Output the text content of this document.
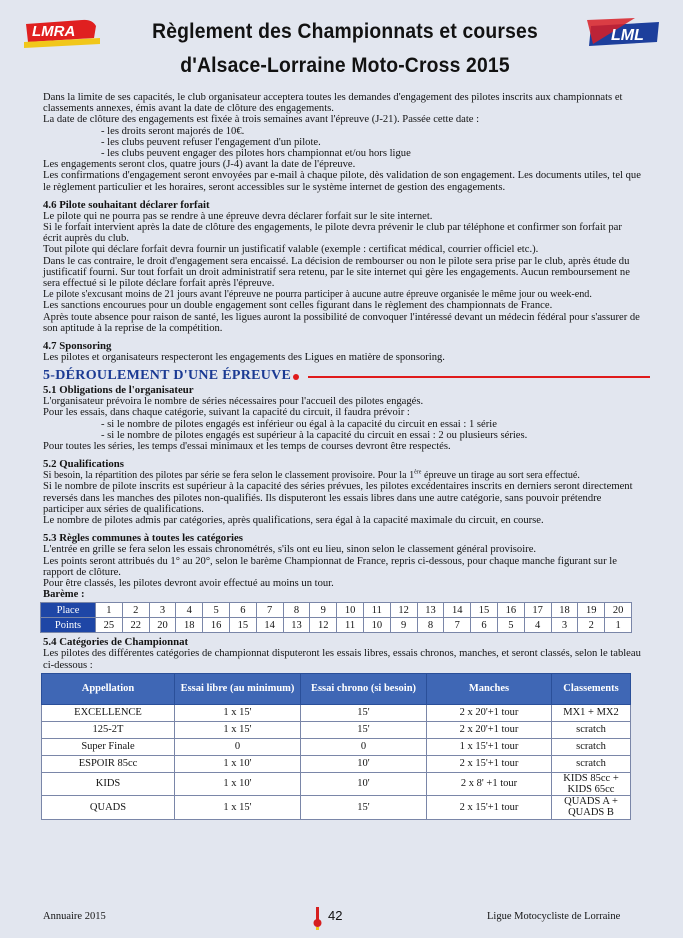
LMRA	Règlement des Championnats et courses
d'Alsace-Lorraine Moto-Cross 2015
LML

Dans la limite de ses capacités, le club organisateur acceptera toutes les demandes d'engagement des pilotes inscrits aux championnats et classements annexes, émis avant la date de clôture des engagements.

La date de clôture des engagements est fixée à trois semaines avant l'épreuve (J-21). Passée cette date :

- les droits seront majorés de 10€.

- les clubs peuvent refuser l'engagement d'un pilote.

- les clubs peuvent engager des pilotes hors championnat et/ou hors ligue

Les engagements seront clos, quatre jours (J-4) avant la date de l'épreuve.

Les confirmations d'engagement seront envoyées par e-mail à chaque pilote, dès validation de son engagement. Les documents utiles, tel que le règlement particulier et les horaires, seront accessibles sur le système internet de gestion des engagements.

4.6 Pilote souhaitant déclarer forfait

Le pilote qui ne pourra pas se rendre à une épreuve devra déclarer forfait sur le site internet.

Si le forfait intervient après la date de clôture des engagements, le pilote devra prévenir le club par téléphone et confirmer son forfait par écrit auprès du club.

Tout pilote qui déclare forfait devra fournir un justificatif valable (exemple : certificat médical, courrier officiel etc.).

Dans le cas contraire, le droit d'engagement sera encaissé. La décision de rembourser ou non le pilote sera prise par le club, après étude du justificatif fourni. Sur tout forfait un droit administratif sera retenu, par le site internet qui gère les engagements. Aucun remboursement ne sera effectué si le pilote déclare forfait après l'épreuve.

Le pilote s'excusant moins de 21 jours avant l'épreuve ne pourra participer à aucune autre épreuve organisée le même jour ou week-end.

Les sanctions encourues pour un double engagement sont celles figurant dans le règlement des championnats de France.

Après toute absence pour raison de santé, les ligues auront la possibilité de convoquer l'intéressé devant un médecin fédéral pour s'assurer de son aptitude à la reprise de la compétition.

4.7 Sponsoring

Les pilotes et organisateurs respecteront les engagements des Ligues en matière de sponsoring.

5-DÉROULEMENT D'UNE ÉPREUVE
5.1 Obligations de l'organisateur

L'organisateur prévoira le nombre de séries nécessaires pour l'accueil des pilotes engagés.

Pour les essais, dans chaque catégorie, suivant la capacité du circuit, il faudra prévoir :

- si le nombre de pilotes engagés est inférieur ou égal à la capacité du circuit en essai : 1 série

- si le nombre de pilotes engagés est supérieur à la capacité du circuit en essai : 2 ou plusieurs séries.

Pour toutes les séries, les temps d'essai minimaux et les temps de courses devront être respectés.

5.2 Qualifications

Si besoin, la répartition des pilotes par série se fera selon le classement provisoire. Pour la 1ère épreuve un tirage au sort sera effectué.

Si le nombre de pilote inscrits est supérieur à la capacité des séries prévues, les pilotes excédentaires inscrits en derniers seront directement reversés dans les manches des pilotes non-qualifiés. Ils disputeront les essais libres dans une autre catégorie, sans pouvoir prétendre participer aux séries de qualifications.

Le nombre de pilotes admis par catégories, après qualifications, sera égal à la capacité maximale du circuit, en course.

5.3 Règles communes à toutes les catégories

L'entrée en grille se fera selon les essais chronométrés, s'ils ont eu lieu, sinon selon le classement général provisoire.

Les points seront attribués du 1° au 20°, selon le barème Championnat de France, repris ci-dessous, pour chaque manche figurant sur le rapport de clôture.

Pour être classés, les pilotes devront avoir effectué au moins un tour.

Barème :

Place	1	2	3	4	5	6	7	8	9	10	11	12	13	14	15	16	17	18	19	20
Points	25	22	20	18	16	15	14	13	12	11	10	9	8	7	6	5	4	3	2	1
5.4 Catégories de Championnat

Les pilotes des différentes catégories de championnat disputeront les essais libres, essais chronos, manches, et seront classés, selon le tableau ci-dessous :

Appellation	Essai libre (au minimum)	Essai chrono (si besoin)	Manches	Classements
EXCELLENCE	1 x 15'	15'	2 x 20'+1 tour	MX1 + MX2
125-2T	1 x 15'	15'	2 x 20'+1 tour	scratch
Super Finale	0	0	1 x 15'+1 tour	scratch
ESPOIR 85cc	1 x 10'	10'	2 x 15'+1 tour	scratch
KIDS	1 x 10'	10'	2 x 8' +1 tour	KIDS 85cc + KIDS 65cc
QUADS	1 x 15'	15'	2 x 15'+1 tour	QUADS A + QUADS B
Annuaire 2015	42	Ligue Motocycliste de Lorraine
